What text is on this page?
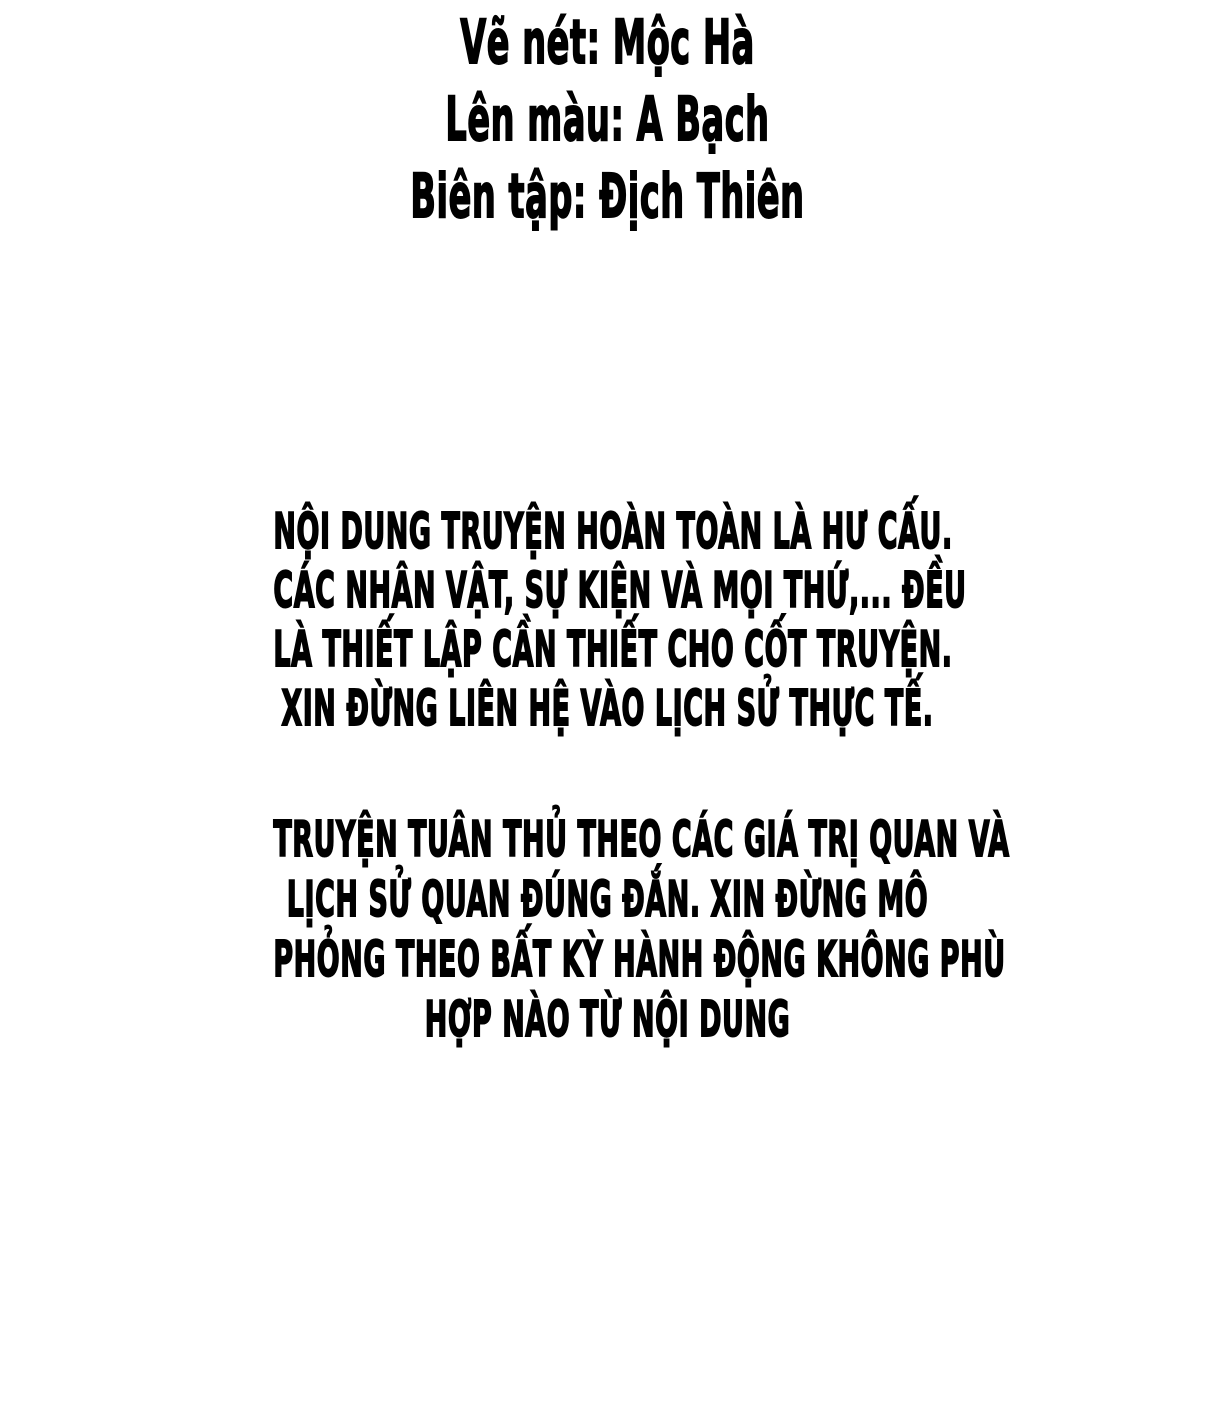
Vẽ nét: Mộc Hà
Lên màu: A Bạch
Biên tập: Địch Thiên
NỘI DUNG TRUYỆN HOÀN TOÀN LÀ HƯ CẤU.
CÁC NHÂN VẬT, SỰ KIỆN VÀ MỌI THỨ,... ĐỀU
LÀ THIẾT LẬP CẦN THIẾT CHO CỐT TRUYỆN.
XIN ĐỪNG LIÊN HỆ VÀO LỊCH SỬ THỰC TẾ.
TRUYỆN TUÂN THỦ THEO CÁC GIÁ TRỊ QUAN VÀ
LỊCH SỬ QUAN ĐÚNG ĐẮN. XIN ĐỪNG MÔ
PHỎNG THEO BẤT KỲ HÀNH ĐỘNG KHÔNG PHÙ
HỢP NÀO TỪ NỘI DUNG
